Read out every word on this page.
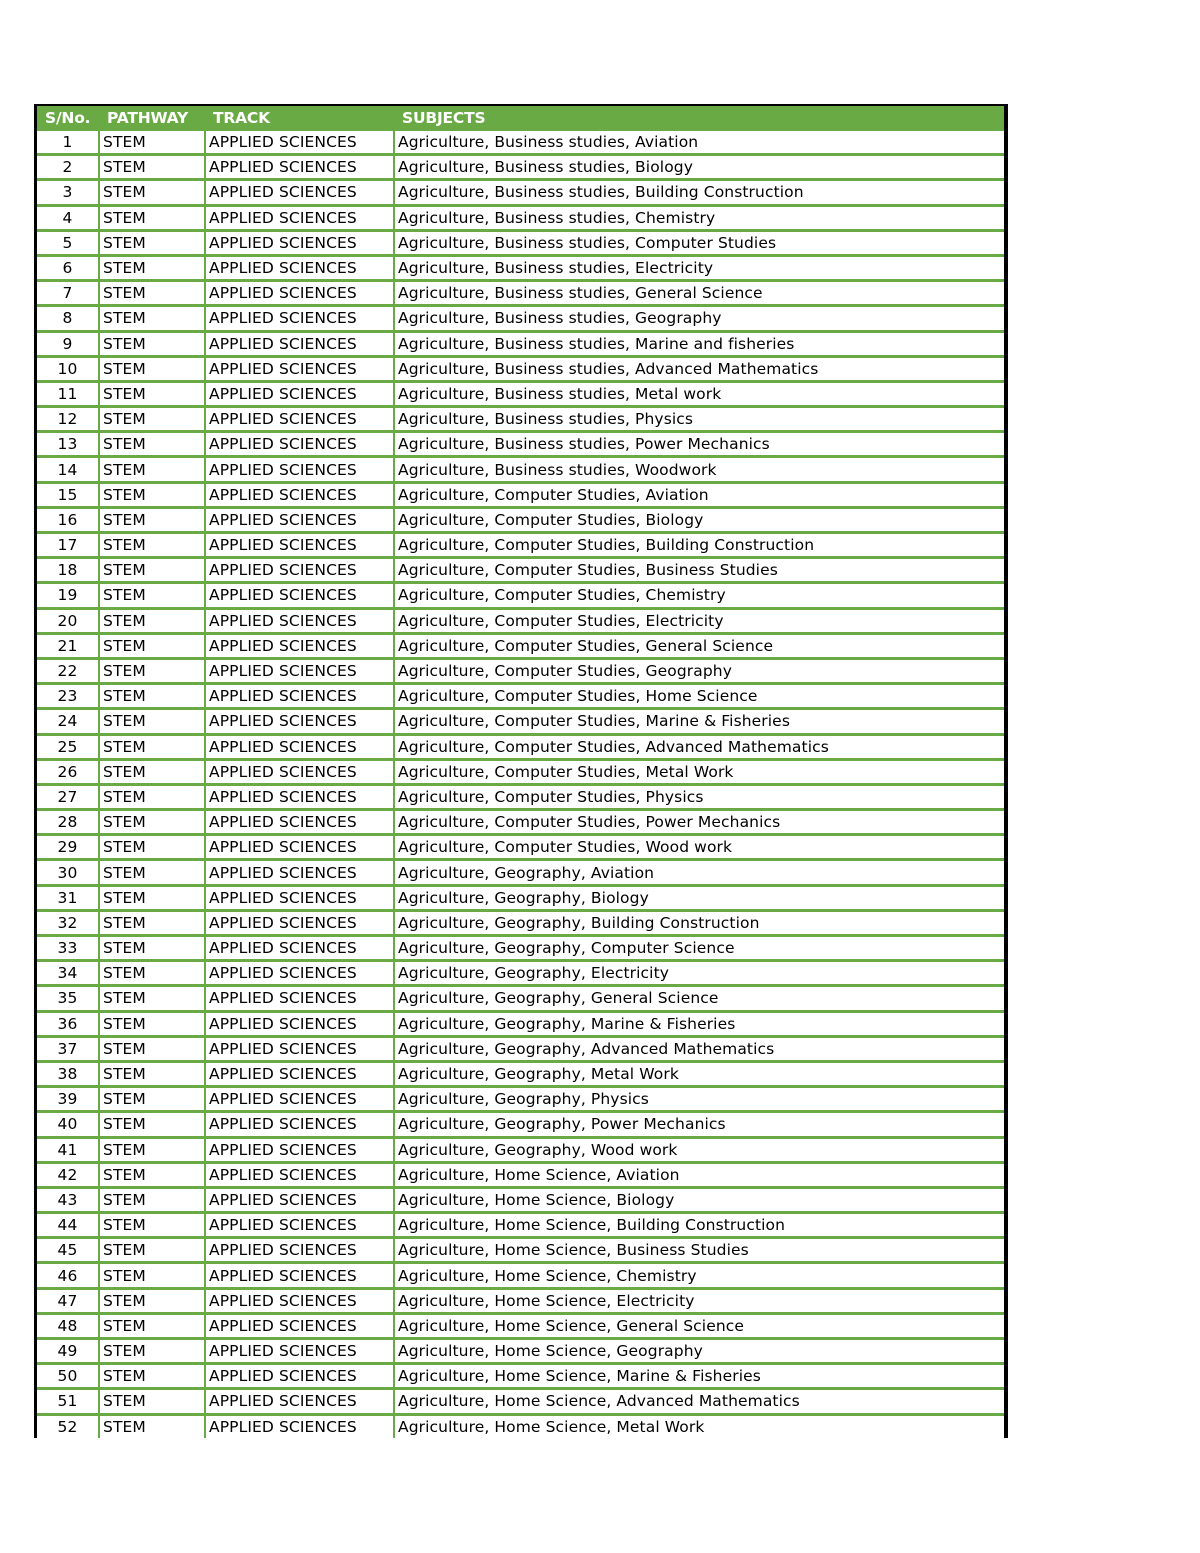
S/No.	PATHWAY	TRACK	SUBJECTS
1	STEM	APPLIED SCIENCES	Agriculture, Business studies, Aviation
2	STEM	APPLIED SCIENCES	Agriculture, Business studies, Biology
3	STEM	APPLIED SCIENCES	Agriculture, Business studies, Building Construction
4	STEM	APPLIED SCIENCES	Agriculture, Business studies, Chemistry
5	STEM	APPLIED SCIENCES	Agriculture, Business studies, Computer Studies
6	STEM	APPLIED SCIENCES	Agriculture, Business studies, Electricity
7	STEM	APPLIED SCIENCES	Agriculture, Business studies, General Science
8	STEM	APPLIED SCIENCES	Agriculture, Business studies, Geography
9	STEM	APPLIED SCIENCES	Agriculture, Business studies, Marine and fisheries
10	STEM	APPLIED SCIENCES	Agriculture, Business studies, Advanced Mathematics
11	STEM	APPLIED SCIENCES	Agriculture, Business studies, Metal work
12	STEM	APPLIED SCIENCES	Agriculture, Business studies, Physics
13	STEM	APPLIED SCIENCES	Agriculture, Business studies, Power Mechanics
14	STEM	APPLIED SCIENCES	Agriculture, Business studies, Woodwork
15	STEM	APPLIED SCIENCES	Agriculture, Computer Studies, Aviation
16	STEM	APPLIED SCIENCES	Agriculture, Computer Studies, Biology
17	STEM	APPLIED SCIENCES	Agriculture, Computer Studies, Building Construction
18	STEM	APPLIED SCIENCES	Agriculture, Computer Studies, Business Studies
19	STEM	APPLIED SCIENCES	Agriculture, Computer Studies, Chemistry
20	STEM	APPLIED SCIENCES	Agriculture, Computer Studies, Electricity
21	STEM	APPLIED SCIENCES	Agriculture, Computer Studies, General Science
22	STEM	APPLIED SCIENCES	Agriculture, Computer Studies, Geography
23	STEM	APPLIED SCIENCES	Agriculture, Computer Studies, Home Science
24	STEM	APPLIED SCIENCES	Agriculture, Computer Studies, Marine & Fisheries
25	STEM	APPLIED SCIENCES	Agriculture, Computer Studies, Advanced Mathematics
26	STEM	APPLIED SCIENCES	Agriculture, Computer Studies, Metal Work
27	STEM	APPLIED SCIENCES	Agriculture, Computer Studies, Physics
28	STEM	APPLIED SCIENCES	Agriculture, Computer Studies, Power Mechanics
29	STEM	APPLIED SCIENCES	Agriculture, Computer Studies, Wood work
30	STEM	APPLIED SCIENCES	Agriculture, Geography, Aviation
31	STEM	APPLIED SCIENCES	Agriculture, Geography, Biology
32	STEM	APPLIED SCIENCES	Agriculture, Geography, Building Construction
33	STEM	APPLIED SCIENCES	Agriculture, Geography, Computer Science
34	STEM	APPLIED SCIENCES	Agriculture, Geography, Electricity
35	STEM	APPLIED SCIENCES	Agriculture, Geography, General Science
36	STEM	APPLIED SCIENCES	Agriculture, Geography, Marine & Fisheries
37	STEM	APPLIED SCIENCES	Agriculture, Geography, Advanced Mathematics
38	STEM	APPLIED SCIENCES	Agriculture, Geography, Metal Work
39	STEM	APPLIED SCIENCES	Agriculture, Geography, Physics
40	STEM	APPLIED SCIENCES	Agriculture, Geography, Power Mechanics
41	STEM	APPLIED SCIENCES	Agriculture, Geography, Wood work
42	STEM	APPLIED SCIENCES	Agriculture, Home Science, Aviation
43	STEM	APPLIED SCIENCES	Agriculture, Home Science, Biology
44	STEM	APPLIED SCIENCES	Agriculture, Home Science, Building Construction
45	STEM	APPLIED SCIENCES	Agriculture, Home Science, Business Studies
46	STEM	APPLIED SCIENCES	Agriculture, Home Science, Chemistry
47	STEM	APPLIED SCIENCES	Agriculture, Home Science, Electricity
48	STEM	APPLIED SCIENCES	Agriculture, Home Science, General Science
49	STEM	APPLIED SCIENCES	Agriculture, Home Science, Geography
50	STEM	APPLIED SCIENCES	Agriculture, Home Science, Marine & Fisheries
51	STEM	APPLIED SCIENCES	Agriculture, Home Science, Advanced Mathematics
52	STEM	APPLIED SCIENCES	Agriculture, Home Science, Metal Work
